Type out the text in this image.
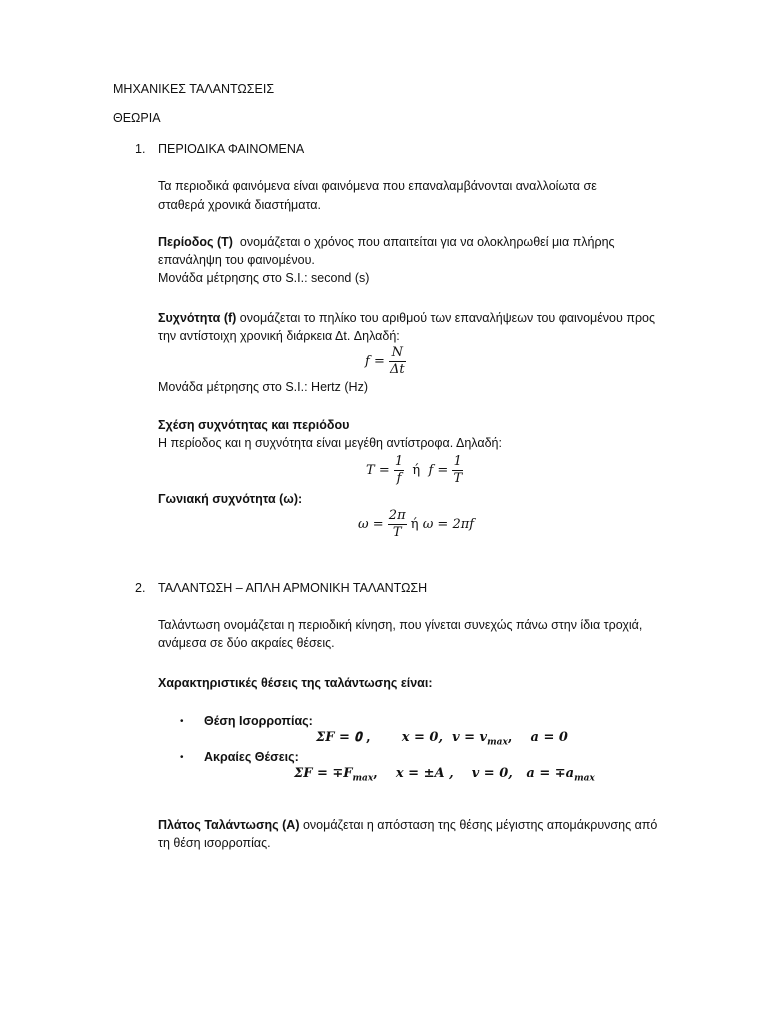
ΜΗΧΑΝΙΚΕΣ ΤΑΛΑΝΤΩΣΕΙΣ
ΘΕΩΡΙΑ
1. ΠΕΡΙΟΔΙΚΑ ΦΑΙΝΟΜΕΝΑ
Τα περιοδικά φαινόμενα είναι φαινόμενα που επαναλαμβάνονται αναλλοίωτα σε
σταθερά χρονικά διαστήματα.
Περίοδος (Τ) ονομάζεται ο χρόνος που απαιτείται για να ολοκληρωθεί μια πλήρης
επανάληψη του φαινομένου.
Μονάδα μέτρησης στο S.I.: second (s)
Συχνότητα (f) ονομάζεται το πηλίκο του αριθμού των επαναλήψεων του φαινομένου προς
την αντίστοιχη χρονική διάρκεια Δt. Δηλαδή:
$f = \frac{N}{\Delta t}$
Μονάδα μέτρησης στο S.I.: Hertz (Hz)
Σχέση συχνότητας και περιόδου
Η περίοδος και η συχνότητα είναι μεγέθη αντίστροφα. Δηλαδή:
$T = \frac{1}{f}$ ή $f = \frac{1}{T}$
Γωνιακή συχνότητα (ω):
$\omega = \frac{2\pi}{T}$ ή ω = 2πf
2. ΤΑΛΑΝΤΩΣΗ – ΑΠΛΗ ΑΡΜΟΝΙΚΗ ΤΑΛΑΝΤΩΣΗ
Ταλάντωση ονομάζεται η περιοδική κίνηση, που γίνεται συνεχώς πάνω στην ίδια τροχιά,
ανάμεσα σε δύο ακραίες θέσεις.
Χαρακτηριστικές θέσεις της ταλάντωσης είναι:
• Θέση Ισορροπίας:
ΣF = 𝟎 , x = 0, $v = v_{max}$, a = 0
• Ακραίες Θέσεις:
$\Sigma F = \mp F_{max}$, x = ±A , v = 0, $a = \mp a_{max}$
Πλάτος Ταλάντωσης (Α) ονομάζεται η απόσταση της θέσης μέγιστης απομάκρυνσης από
τη θέση ισορροπίας.
